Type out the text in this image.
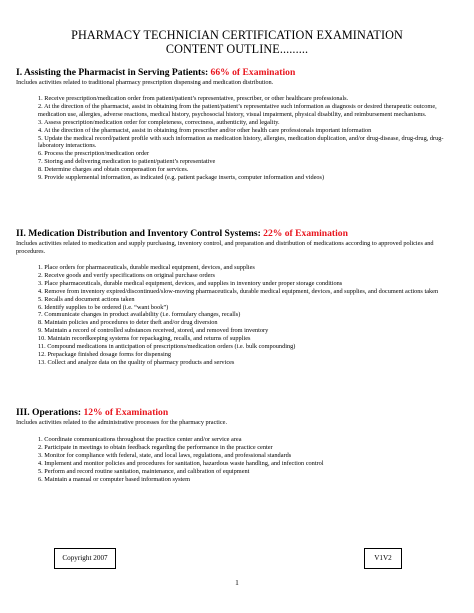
PHARMACY TECHNICIAN CERTIFICATION EXAMINATION
CONTENT OUTLINE.........
I. Assisting the Pharmacist in Serving Patients: 66% of Examination
Includes activities related to traditional pharmacy prescription dispensing and medication distribution.
1. Receive prescription/medication order from patient/patient’s representative, prescriber, or other healthcare professionals.
2. At the direction of the pharmacist, assist in obtaining from the patient/patient’s representative such information as diagnosis or desired therapeutic outcome, medication use, allergies, adverse reactions, medical history, psychosocial history, visual impairment, physical disability, and reimbursement mechanisms.
3. Assess prescription/medication order for completeness, correctness, authenticity, and legality.
4. At the direction of the pharmacist, assist in obtaining from prescriber and/or other health care professionals important information
5. Update the medical record/patient profile with such information as medication history, allergies, medication duplication, and/or drug-disease, drug-drug, drug-laboratory interactions.
6. Process the prescription/medication order
7. Storing and delivering medication to patient/patient’s representative
8. Determine charges and obtain compensation for services.
9. Provide supplemental information, as indicated (e.g. patient package inserts, computer information and videos)
II. Medication Distribution and Inventory Control Systems: 22% of Examination
Includes activities related to medication and supply purchasing, inventory control, and preparation and distribution of medications according to approved policies and procedures.
1. Place orders for pharmaceuticals, durable medical equipment, devices, and supplies
2. Receive goods and verify specifications on original purchase orders
3. Place pharmaceuticals, durable medical equipment, devices, and supplies in inventory under proper storage conditions
4. Remove from inventory expired/discontinued/slow-moving pharmaceuticals, durable medical equipment, devices, and supplies, and document actions taken
5. Recalls and document actions taken
6. Identify supplies to be ordered (i.e. “want book”)
7. Communicate changes in product availability (i.e. formulary changes, recalls)
8. Maintain policies and procedures to deter theft and/or drug diversion
9. Maintain a record of controlled substances received, stored, and removed from inventory
10. Maintain recordkeeping systems for repackaging, recalls, and returns of supplies
11. Compound medications in anticipation of prescriptions/medication orders (i.e. bulk compounding)
12. Prepackage finished dosage forms for dispensing
13. Collect and analyze data on the quality of pharmacy products and services
III. Operations: 12% of Examination
Includes activities related to the administrative processes for the pharmacy practice.
1. Coordinate communications throughout the practice center and/or service area
2. Participate in meetings to obtain feedback regarding the performance in the practice center
3. Monitor for compliance with federal, state, and local laws, regulations, and professional standards
4. Implement and monitor policies and procedures for sanitation, hazardous waste handling, and infection control
5. Perform and record routine sanitation, maintenance, and calibration of equipment
6. Maintain a manual or computer based information system
Copyright 2007	V1V2
1
